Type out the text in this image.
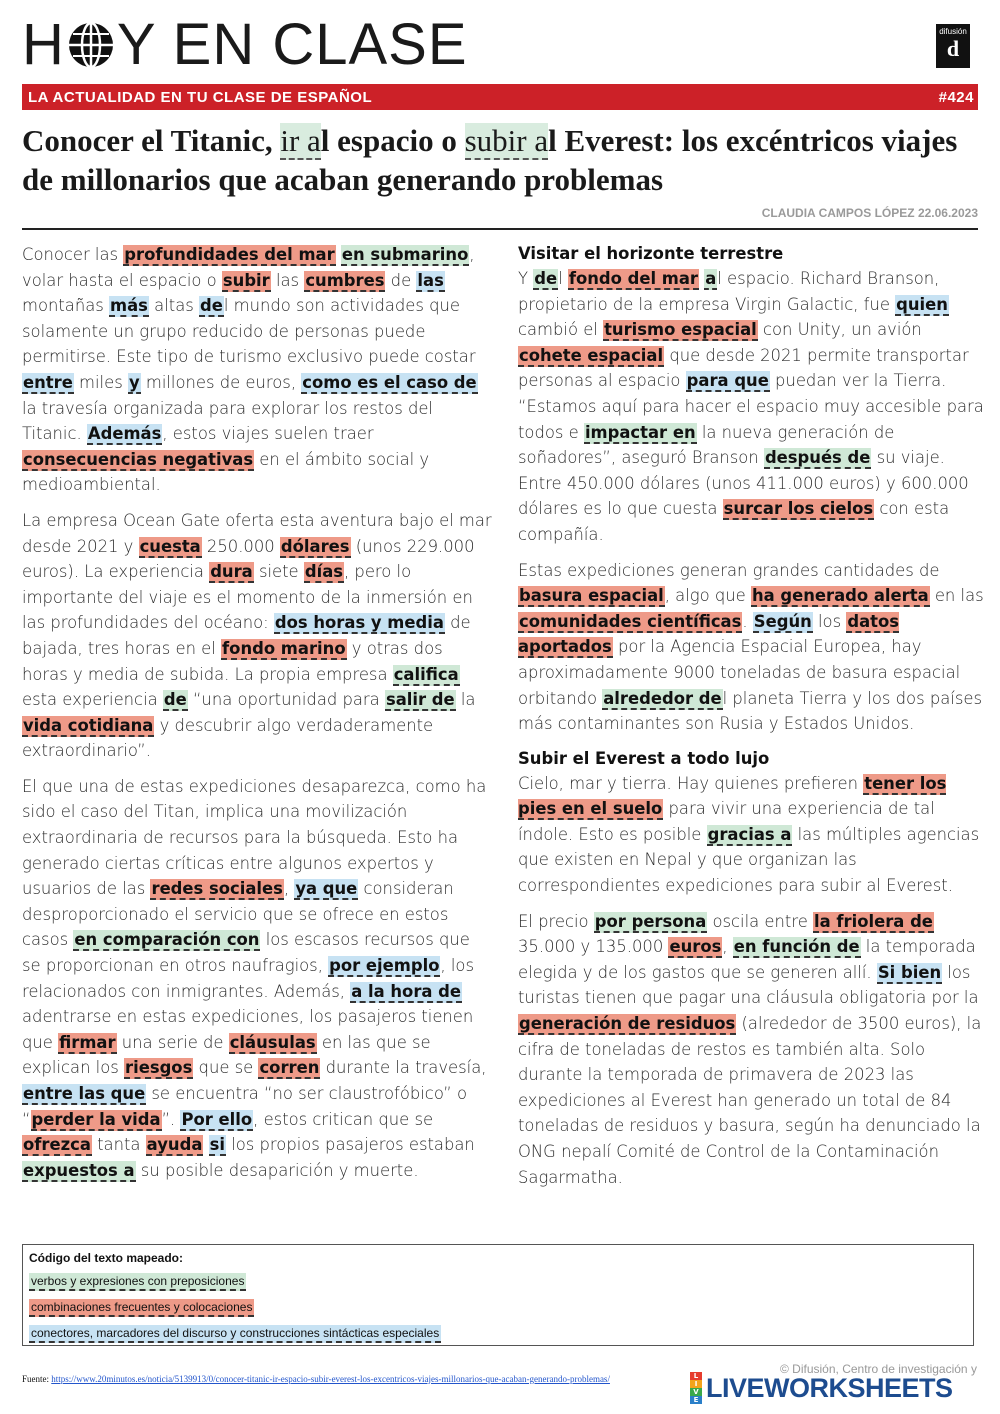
H Y EN CLASE	difusión
d
LA ACTUALIDAD EN TU CLASE DE ESPAÑOL	#424
Conocer el Titanic, ir al espacio o subir al Everest: los excéntricos viajes de millonarios que acaban generando problemas
CLAUDIA CAMPOS LÓPEZ 22.06.2023

Conocer las profundidades del mar en submarino, volar hasta el espacio o subir las cumbres de las montañas más altas del mundo son actividades que solamente un grupo reducido de personas puede permitirse. Este tipo de turismo exclusivo puede costar entre miles y millones de euros, como es el caso de la travesía organizada para explorar los restos del Titanic. Además, estos viajes suelen traer consecuencias negativas en el ámbito social y medioambiental.

La empresa Ocean Gate oferta esta aventura bajo el mar desde 2021 y cuesta 250.000 dólares (unos 229.000 euros). La experiencia dura siete días, pero lo importante del viaje es el momento de la inmersión en las profundidades del océano: dos horas y media de bajada, tres horas en el fondo marino y otras dos horas y media de subida. La propia empresa califica esta experiencia de “una oportunidad para salir de la vida cotidiana y descubrir algo verdaderamente extraordinario”.

El que una de estas expediciones desaparezca, como ha sido el caso del Titan, implica una movilización extraordinaria de recursos para la búsqueda. Esto ha generado ciertas críticas entre algunos expertos y usuarios de las redes sociales, ya que consideran desproporcionado el servicio que se ofrece en estos casos en comparación con los escasos recursos que se proporcionan en otros naufragios, por ejemplo, los relacionados con inmigrantes. Además, a la hora de adentrarse en estas expediciones, los pasajeros tienen que firmar una serie de cláusulas en las que se explican los riesgos que se corren durante la travesía, entre las que se encuentra “no ser claustrofóbico” o “perder la vida”. Por ello, estos critican que se ofrezca tanta ayuda si los propios pasajeros estaban expuestos a su posible desaparición y muerte.

Visitar el horizonte terrestre

Y del fondo del mar al espacio. Richard Branson, propietario de la empresa Virgin Galactic, fue quien cambió el turismo espacial con Unity, un avión cohete espacial que desde 2021 permite transportar personas al espacio para que puedan ver la Tierra. “Estamos aquí para hacer el espacio muy accesible para todos e impactar en la nueva generación de soñadores”, aseguró Branson después de su viaje. Entre 450.000 dólares (unos 411.000 euros) y 600.000 dólares es lo que cuesta surcar los cielos con esta compañía.

Estas expediciones generan grandes cantidades de basura espacial, algo que ha generado alerta en las comunidades científicas. Según los datos aportados por la Agencia Espacial Europea, hay aproximadamente 9000 toneladas de basura espacial orbitando alrededor del planeta Tierra y los dos países más contaminantes son Rusia y Estados Unidos.

Subir el Everest a todo lujo

Cielo, mar y tierra. Hay quienes prefieren tener los pies en el suelo para vivir una experiencia de tal índole. Esto es posible gracias a las múltiples agencias que existen en Nepal y que organizan las correspondientes expediciones para subir al Everest.

El precio por persona oscila entre la friolera de 35.000 y 135.000 euros, en función de la temporada elegida y de los gastos que se generen allí. Si bien los turistas tienen que pagar una cláusula obligatoria por la generación de residuos (alrededor de 3500 euros), la cifra de toneladas de restos es también alta. Solo durante la temporada de primavera de 2023 las expediciones al Everest han generado un total de 84 toneladas de residuos y basura, según ha denunciado la ONG nepalí Comité de Control de la Contaminación Sagarmatha.

Código del texto mapeado:
verbos y expresiones con preposiciones
combinaciones frecuentes y colocaciones
conectores, marcadores del discurso y construcciones sintácticas especiales
Fuente: https://www.20minutos.es/noticia/5139913/0/conocer-titanic-ir-espacio-subir-everest-los-excentricos-viajes-millonarios-que-acaban-generando-problemas/
© Difusión, Centro de investigación y
L
I
V
E LIVEWORKSHEETS
